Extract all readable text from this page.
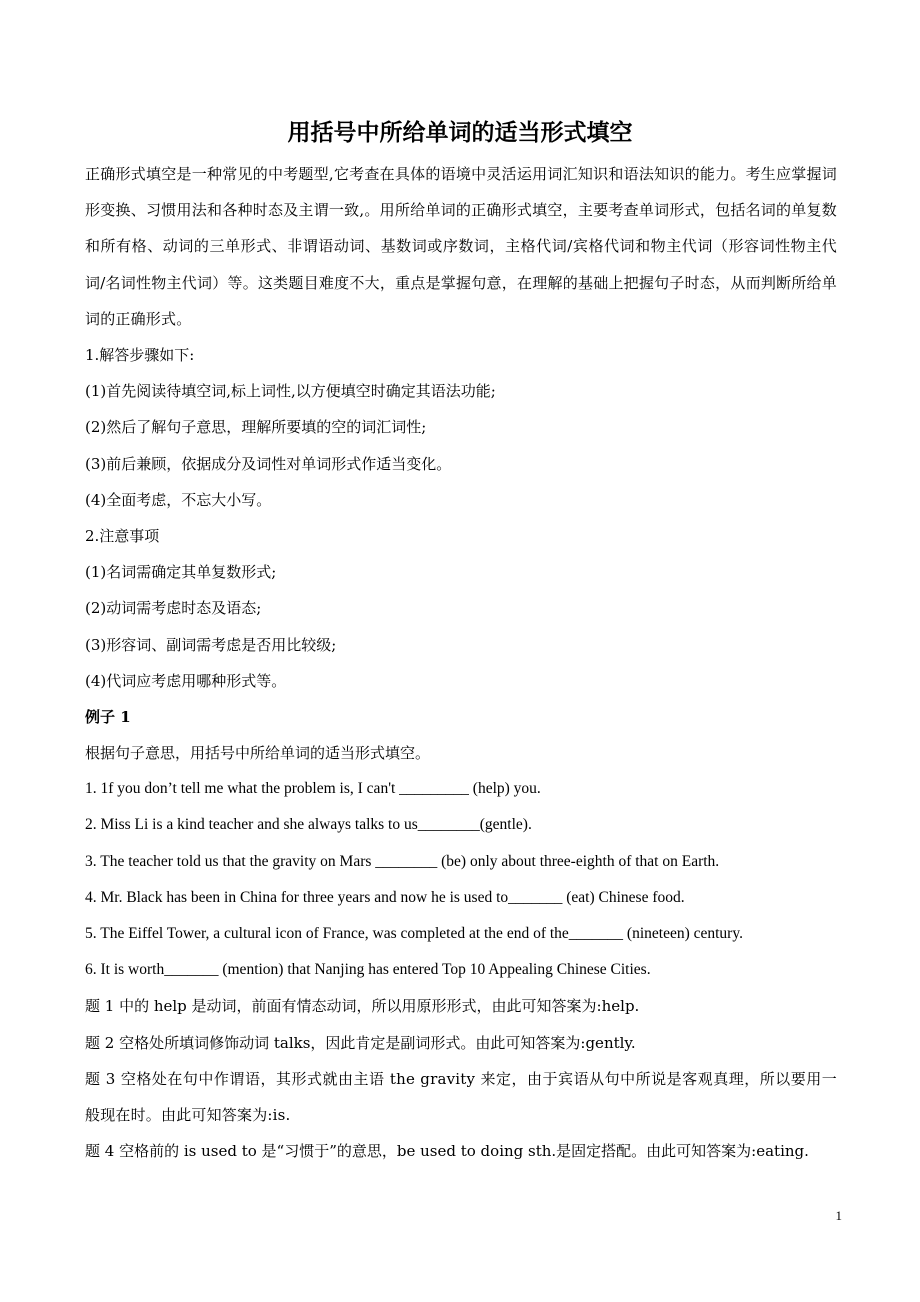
用括号中所给单词的适当形式填空

正确形式填空是一种常见的中考题型,它考查在具体的语境中灵活运用词汇知识和语法知识的能力。考生应掌握词形变换、习惯用法和各种时态及主谓一致,。用所给单词的正确形式填空，主要考查单词形式，包括名词的单复数和所有格、动词的三单形式、非谓语动词、基数词或序数词，主格代词/宾格代词和物主代词（形容词性物主代词/名词性物主代词）等。这类题目难度不大，重点是掌握句意，在理解的基础上把握句子时态，从而判断所给单词的正确形式。

1.解答步骤如下:

(1)首先阅读待填空词,标上词性,以方便填空时确定其语法功能;

(2)然后了解句子意思，理解所要填的空的词汇词性;

(3)前后兼顾，依据成分及词性对单词形式作适当变化。

(4)全面考虑，不忘大小写。

2.注意事项

(1)名词需确定其单复数形式;

(2)动词需考虑时态及语态;

(3)形容词、副词需考虑是否用比较级;

(4)代词应考虑用哪种形式等。

例子 1

根据句子意思，用括号中所给单词的适当形式填空。

1. 1f you don’t tell me what the problem is, I can't _________ (help) you.

2. Miss Li is a kind teacher and she always talks to us________(gentle).

3. The teacher told us that the gravity on Mars ________ (be) only about three-eighth of that on Earth.

4. Mr. Black has been in China for three years and now he is used to_______ (eat) Chinese food.

5. The Eiffel Tower, a cultural icon of France, was completed at the end of the_______ (nineteen) century.

6. It is worth_______ (mention) that Nanjing has entered Top 10 Appealing Chinese Cities.

题 1 中的 help 是动词，前面有情态动词，所以用原形形式，由此可知答案为:help.

题 2 空格处所填词修饰动词 talks，因此肯定是副词形式。由此可知答案为:gently.

题 3 空格处在句中作谓语，其形式就由主语 the gravity 来定，由于宾语从句中所说是客观真理，所以要用一般现在时。由此可知答案为:is.

题 4 空格前的 is used to 是“习惯于”的意思，be used to doing sth.是固定搭配。由此可知答案为:eating.

1
